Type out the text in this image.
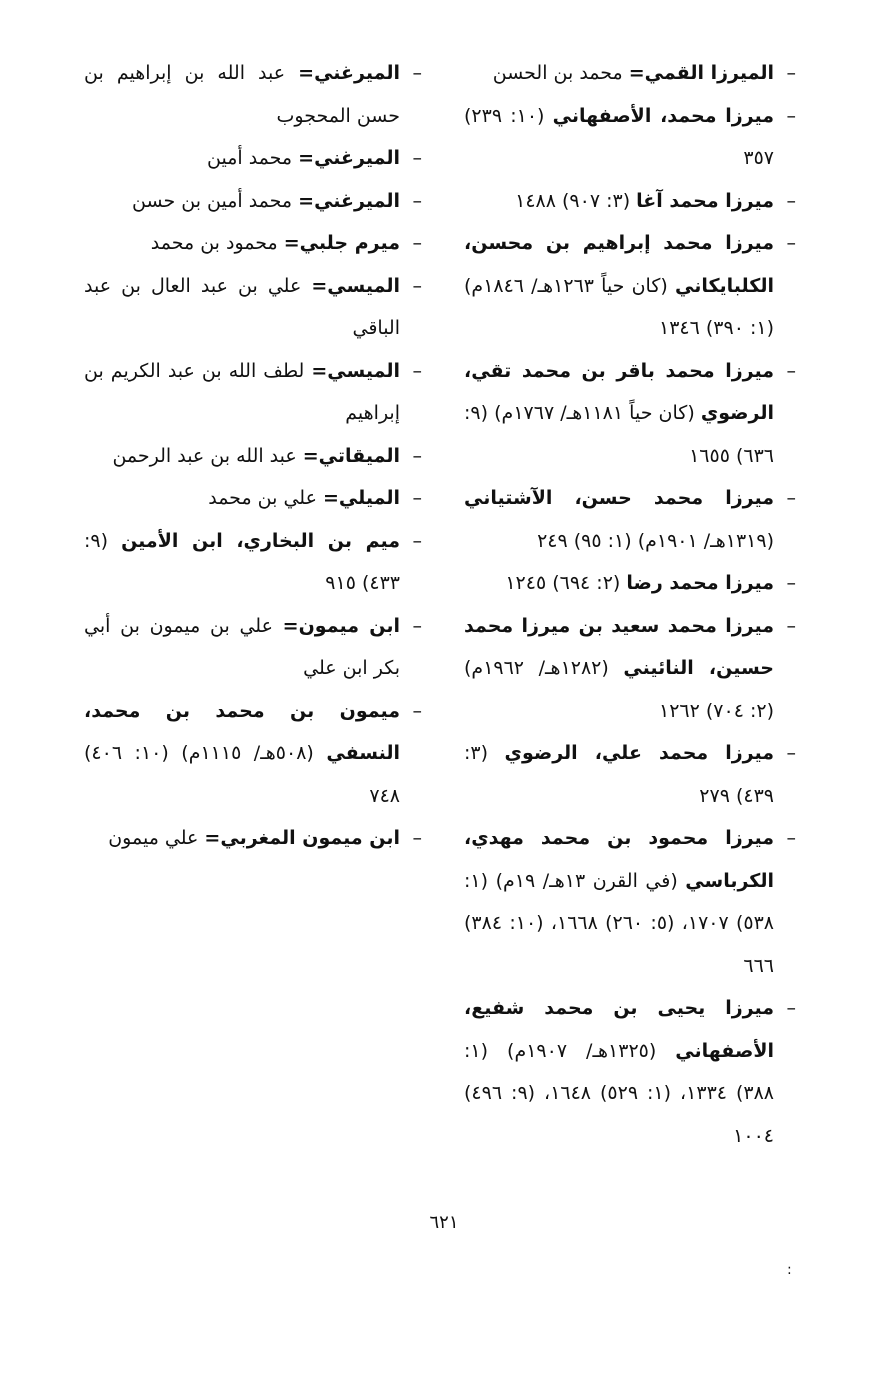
–
الميرزا القمي= محمد بن الحسن

–
ميرزا محمد، الأصفهاني (١٠: ٢٣٩) ٣٥٧

–
ميرزا محمد آغا (٣: ٩٠٧) ١٤٨٨

–
ميرزا محمد إبراهيم بن محسن، الكلبايكاني (كان حياً ١٢٦٣هـ/ ١٨٤٦م) (١: ٣٩٠) ١٣٤٦

–
ميرزا محمد باقر بن محمد تقي، الرضوي (كان حياً ١١٨١هـ/ ١٧٦٧م) (٩: ٦٣٦) ١٦٥٥

–
ميرزا محمد حسن، الآشتياني (١٣١٩هـ/ ١٩٠١م) (١: ٩٥) ٢٤٩

–
ميرزا محمد رضا (٢: ٦٩٤) ١٢٤٥

–
ميرزا محمد سعيد بن ميرزا محمد حسين، النائيني (١٢٨٢هـ/ ١٩٦٢م) (٢: ٧٠٤) ١٢٦٢

–
ميرزا محمد علي، الرضوي (٣: ٤٣٩) ٢٧٩

–
ميرزا محمود بن محمد مهدي، الكرباسي (في القرن ١٣هـ/ ١٩م) (١: ٥٣٨) ١٧٠٧، (٥: ٢٦٠) ١٦٦٨، (١٠: ٣٨٤) ٦٦٦

–
ميرزا يحيى بن محمد شفيع، الأصفهاني (١٣٢٥هـ/ ١٩٠٧م) (١: ٣٨٨) ١٣٣٤، (١: ٥٢٩) ١٦٤٨، (٩: ٤٩٦) ١٠٠٤

–
الميرغني= عبد الله بن إبراهيم بن حسن المحجوب

–
الميرغني= محمد أمين

–
الميرغني= محمد أمين بن حسن

–
ميرم جلبي= محمود بن محمد

–
الميسي= علي بن عبد العال بن عبد الباقي

–
الميسي= لطف الله بن عبد الكريم بن إبراهيم

–
الميقاتي= عبد الله بن عبد الرحمن

–
الميلي= علي بن محمد

–
ميم بن البخاري، ابن الأمين (٩: ٤٣٣) ٩١٥

–
ابن ميمون= علي بن ميمون بن أبي بكر ابن علي

–
ميمون بن محمد بن محمد، النسفي (٥٠٨هـ/ ١١١٥م) (١٠: ٤٠٦) ٧٤٨

–
ابن ميمون المغربي= علي ميمون

٦٢١
:
